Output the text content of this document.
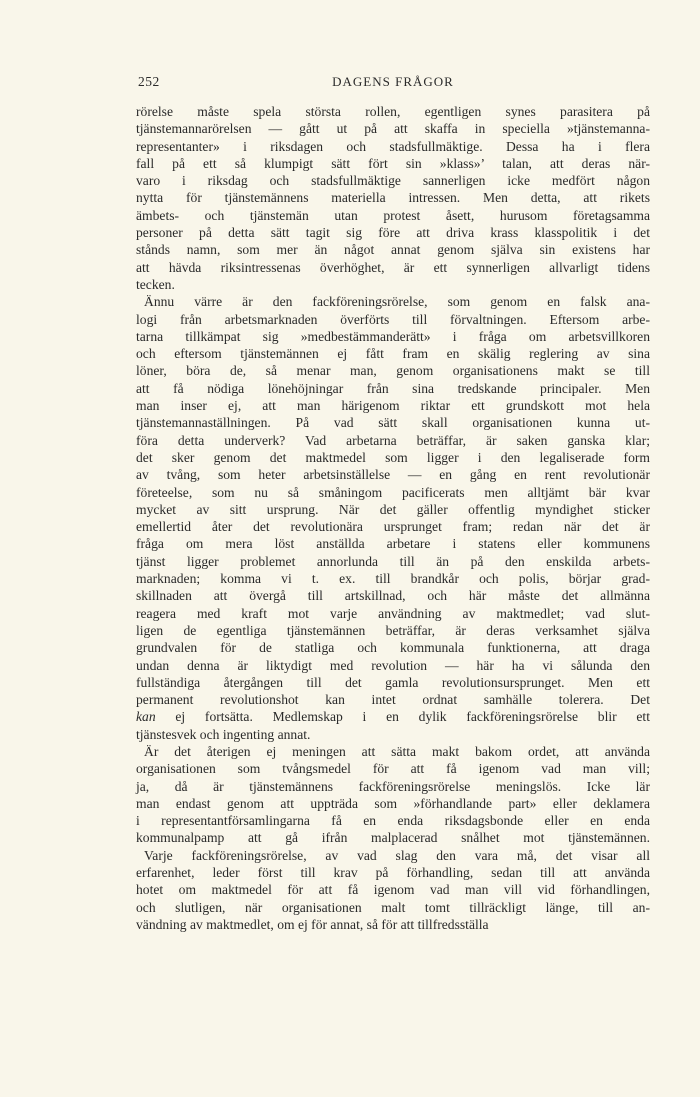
252	DAGENS FRÅGOR
rörelse måste spela största rollen, egentligen synes parasitera på
tjänstemannarörelsen — gått ut på att skaffa in speciella »tjänstemanna-
representanter» i riksdagen och stadsfullmäktige. Dessa ha i flera
fall på ett så klumpigt sätt fört sin »klass»’ talan, att deras när-
varo i riksdag och stadsfullmäktige sannerligen icke medfört någon
nytta för tjänstemännens materiella intressen. Men detta, att rikets
ämbets- och tjänstemän utan protest åsett, hurusom företagsamma
personer på detta sätt tagit sig före att driva krass klasspolitik i det
stånds namn, som mer än något annat genom själva sin existens har
att hävda riksintressenas överhöghet, är ett synnerligen allvarligt tidens
tecken.
Ännu värre är den fackföreningsrörelse, som genom en falsk ana-
logi från arbetsmarknaden överförts till förvaltningen. Eftersom arbe-
tarna tillkämpat sig »medbestämmanderätt» i fråga om arbetsvillkoren
och eftersom tjänstemännen ej fått fram en skälig reglering av sina
löner, böra de, så menar man, genom organisationens makt se till
att få nödiga lönehöjningar från sina tredskande principaler. Men
man inser ej, att man härigenom riktar ett grundskott mot hela
tjänstemannaställningen. På vad sätt skall organisationen kunna ut-
föra detta underverk? Vad arbetarna beträffar, är saken ganska klar;
det sker genom det maktmedel som ligger i den legaliserade form
av tvång, som heter arbetsinställelse — en gång en rent revolutionär
företeelse, som nu så småningom pacificerats men alltjämt bär kvar
mycket av sitt ursprung. När det gäller offentlig myndighet sticker
emellertid åter det revolutionära ursprunget fram; redan när det är
fråga om mera löst anställda arbetare i statens eller kommunens
tjänst ligger problemet annorlunda till än på den enskilda arbets-
marknaden; komma vi t. ex. till brandkår och polis, börjar grad-
skillnaden att övergå till artskillnad, och här måste det allmänna
reagera med kraft mot varje användning av maktmedlet; vad slut-
ligen de egentliga tjänstemännen beträffar, är deras verksamhet själva
grundvalen för de statliga och kommunala funktionerna, att draga
undan denna är liktydigt med revolution — här ha vi sålunda den
fullständiga återgången till det gamla revolutionsursprunget. Men ett
permanent revolutionshot kan intet ordnat samhälle tolerera. Det
kan ej fortsätta. Medlemskap i en dylik fackföreningsrörelse blir ett
tjänstesvek och ingenting annat.
Är det återigen ej meningen att sätta makt bakom ordet, att använda
organisationen som tvångsmedel för att få igenom vad man vill;
ja, då är tjänstemännens fackföreningsrörelse meningslös. Icke lär
man endast genom att uppträda som »förhandlande part» eller deklamera
i representantförsamlingarna få en enda riksdagsbonde eller en enda
kommunalpamp att gå ifrån malplacerad snålhet mot tjänstemännen.
Varje fackföreningsrörelse, av vad slag den vara må, det visar all
erfarenhet, leder först till krav på förhandling, sedan till att använda
hotet om maktmedel för att få igenom vad man vill vid förhandlingen,
och slutligen, när organisationen malt tomt tillräckligt länge, till an-
vändning av maktmedlet, om ej för annat, så för att tillfredsställa
